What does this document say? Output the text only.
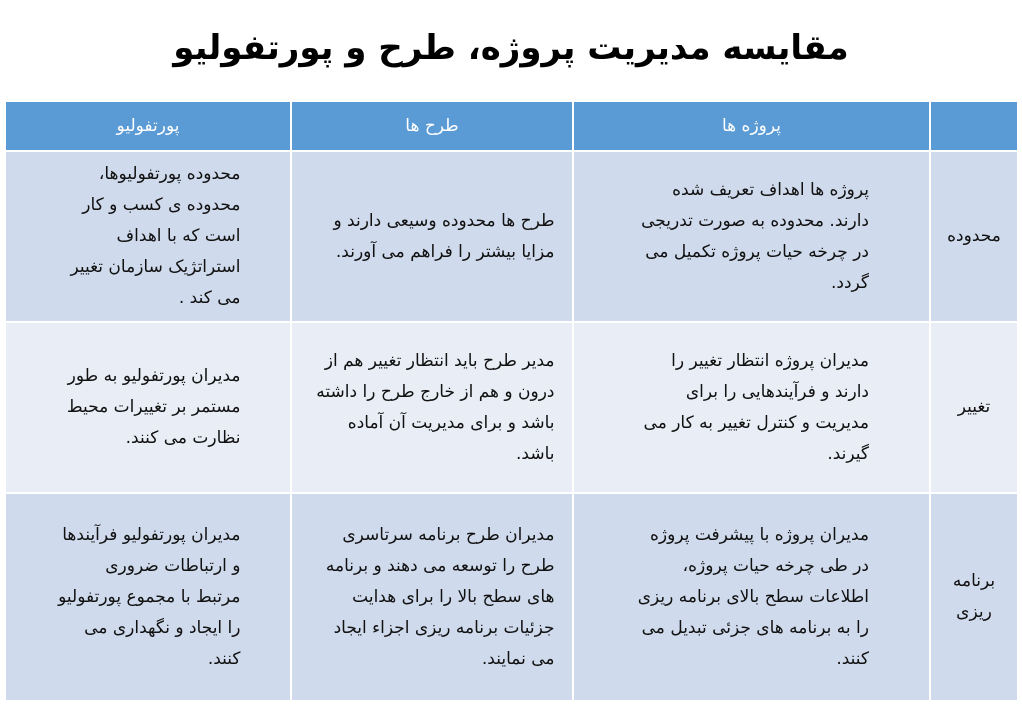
مقایسه مدیریت پروژه، طرح و پورتفولیو
	پروژه ها	طرح ها	پورتفولیو
محدوده	پروژه ها اهداف تعریف شده دارند. محدوده به صورت تدریجی در چرخه حیات پروژه تکمیل می گردد.	طرح ها محدوده وسیعی دارند و مزایا بیشتر را فراهم می آورند.	محدوده پورتفولیوها، محدوده ی کسب و کار است که با اهداف استراتژیک سازمان تغییر می کند .
تغییر	مدیران پروژه انتظار تغییر را دارند و فرآیندهایی را برای مدیریت و کنترل تغییر به کار می گیرند.	مدیر طرح باید انتظار تغییر هم از درون و هم از خارج طرح را داشته باشد و برای مدیریت آن آماده باشد.	مدیران پورتفولیو به طور مستمر بر تغییرات محیط نظارت می کنند.
برنامه ریزی	مدیران پروژه با پیشرفت پروژه در طی چرخه حیات پروژه، اطلاعات سطح بالای برنامه ریزی را به برنامه های جزئی تبدیل می کنند.	مدیران طرح برنامه سرتاسری طرح را توسعه می دهند و برنامه های سطح بالا را برای هدایت جزئیات برنامه ریزی اجزاء ایجاد می نمایند.	مدیران پورتفولیو فرآیندها و ارتباطات ضروری مرتبط با مجموع پورتفولیو را ایجاد و نگهداری می کنند.
